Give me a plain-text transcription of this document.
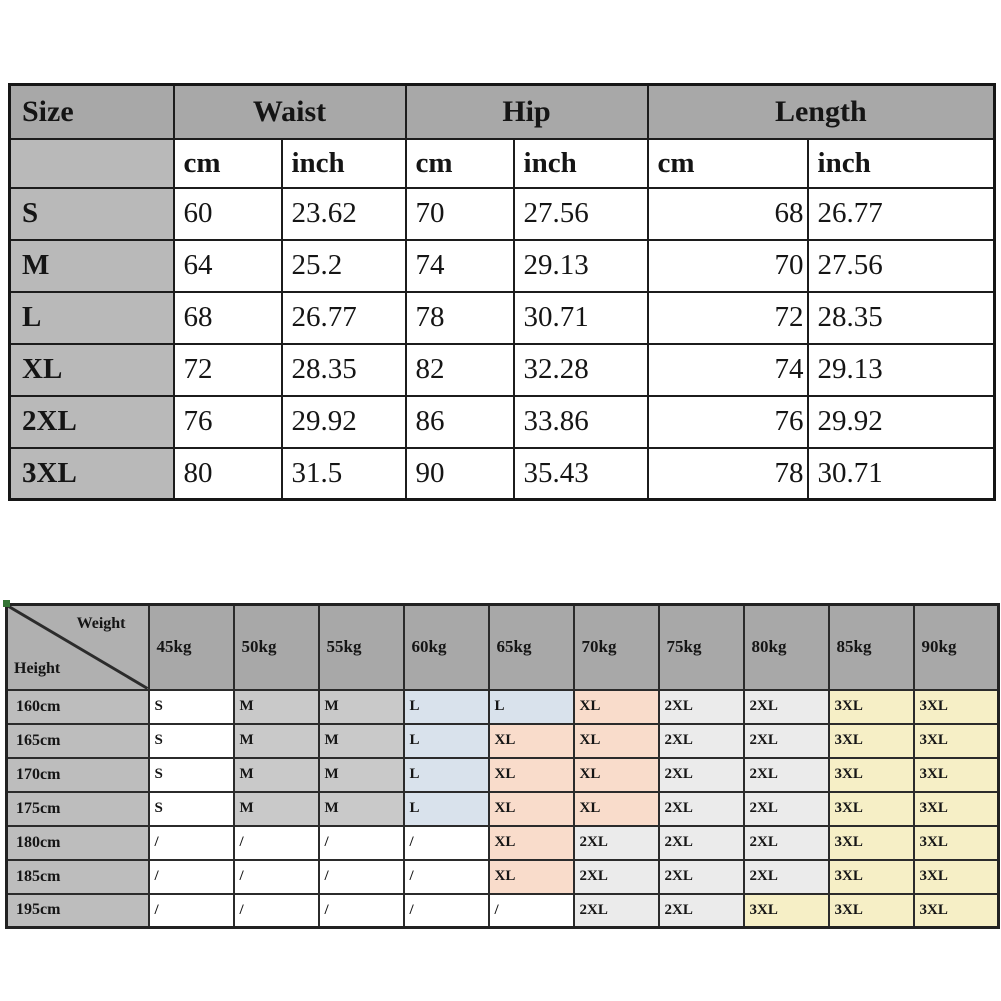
Size	Waist		Hip		Length	
	cm	inch	cm	inch	cm	inch
S	60	23.62	70	27.56	68	26.77
M	64	25.2	74	29.13	70	27.56
L	68	26.77	78	30.71	72	28.35
XL	72	28.35	82	32.28	74	29.13
2XL	76	29.92	86	33.86	76	29.92
3XL	80	31.5	90	35.43	78	30.71
Weight
Height	45kg	50kg	55kg	60kg	65kg	70kg	75kg	80kg	85kg	90kg
160cm	S	M	M	L	L	XL	2XL	2XL	3XL	3XL
165cm	S	M	M	L	XL	XL	2XL	2XL	3XL	3XL
170cm	S	M	M	L	XL	XL	2XL	2XL	3XL	3XL
175cm	S	M	M	L	XL	XL	2XL	2XL	3XL	3XL
180cm	/	/	/	/	XL	2XL	2XL	2XL	3XL	3XL
185cm	/	/	/	/	XL	2XL	2XL	2XL	3XL	3XL
195cm	/	/	/	/	/	2XL	2XL	3XL	3XL	3XL
